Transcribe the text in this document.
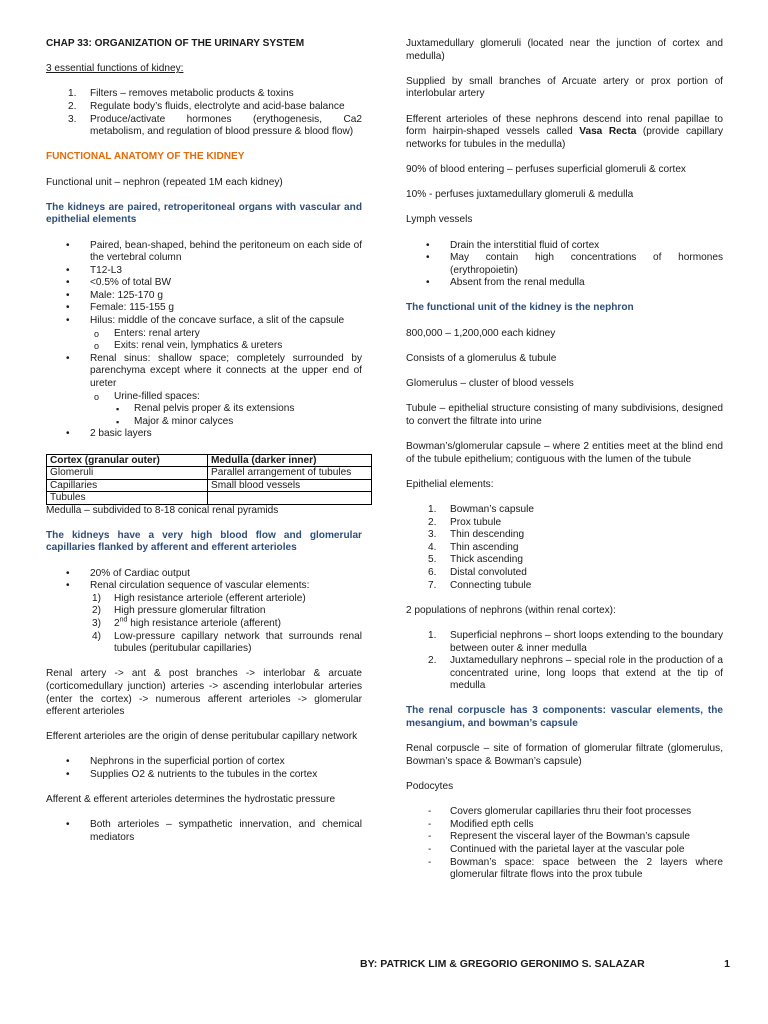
CHAP 33: ORGANIZATION OF THE URINARY SYSTEM

3 essential functions of kidney:

1. Filters – removes metabolic products & toxins
2. Regulate body’s fluids, electrolyte and acid-base balance
3. Produce/activate hormones (erythogenesis, Ca2 metabolism, and regulation of blood pressure & blood flow)
FUNCTIONAL ANATOMY OF THE KIDNEY

Functional unit – nephron (repeated 1M each kidney)

The kidneys are paired, retroperitoneal organs with vascular and epithelial elements
• Paired, bean-shaped, behind the peritoneum on each side of the vertebral column
• T12-L3
• <0.5% of total BW
• Male: 125-170 g
• Female: 115-155 g
• Hilus: middle of the concave surface, a slit of the capsule
o Enters: renal artery
o Exits: renal vein, lymphatics & ureters
• Renal sinus: shallow space; completely surrounded by parenchyma except where it connects at the upper end of ureter
o Urine-filled spaces:
▪ Renal pelvis proper & its extensions
▪ Major & minor calyces
• 2 basic layers
Cortex (granular outer)	Medulla (darker inner)
Glomeruli	Parallel arrangement of tubules
Capillaries	Small blood vessels
Tubules	

Medulla – subdivided to 8-18 conical renal pyramids

The kidneys have a very high blood flow and glomerular capillaries flanked by afferent and efferent arterioles
• 20% of Cardiac output
• Renal circulation sequence of vascular elements:
1) High resistance arteriole (efferent arteriole)
2) High pressure glomerular filtration
3) 2nd high resistance arteriole (afferent)
4) Low-pressure capillary network that surrounds renal tubules (peritubular capillaries)

Renal artery -> ant & post branches -> interlobar & arcuate (corticomedullary junction) arteries -> ascending interlobular arteries (enter the cortex) -> numerous afferent arterioles -> glomerular efferent arterioles

Efferent arterioles are the origin of dense peritubular capillary network

• Nephrons in the superficial portion of cortex
• Supplies O2 & nutrients to the tubules in the cortex

Afferent & efferent arterioles determines the hydrostatic pressure

• Both arterioles – sympathetic innervation, and chemical mediators

Juxtamedullary glomeruli (located near the junction of cortex and medulla)

Supplied by small branches of Arcuate artery or prox portion of interlobular artery

Efferent arterioles of these nephrons descend into renal papillae to form hairpin-shaped vessels called Vasa Recta (provide capillary networks for tubules in the medulla)

90% of blood entering – perfuses superficial glomeruli & cortex

10% - perfuses juxtamedullary glomeruli & medulla

Lymph vessels

• Drain the interstitial fluid of cortex
• May contain high concentrations of hormones (erythropoietin)
• Absent from the renal medulla
The functional unit of the kidney is the nephron

800,000 – 1,200,000 each kidney

Consists of a glomerulus & tubule

Glomerulus – cluster of blood vessels

Tubule – epithelial structure consisting of many subdivisions, designed to convert the filtrate into urine

Bowman’s/glomerular capsule – where 2 entities meet at the blind end of the tubule epithelium; contiguous with the lumen of the tubule

Epithelial elements:

1. Bowman’s capsule
2. Prox tubule
3. Thin descending
4. Thin ascending
5. Thick ascending
6. Distal convoluted
7. Connecting tubule

2 populations of nephrons (within renal cortex):

1. Superficial nephrons – short loops extending to the boundary between outer & inner medulla
2. Juxtamedullary nephrons – special role in the production of a concentrated urine, long loops that extend at the tip of medulla
The renal corpuscle has 3 components: vascular elements, the mesangium, and bowman’s capsule

Renal corpuscle – site of formation of glomerular filtrate (glomerulus, Bowman’s space & Bowman’s capsule)

Podocytes

- Covers glomerular capillaries thru their foot processes
- Modified epth cells
- Represent the visceral layer of the Bowman’s capsule
- Continued with the parietal layer at the vascular pole
- Bowman’s space: space between the 2 layers where glomerular filtrate flows into the prox tubule
BY: PATRICK LIM & GREGORIO GERONIMO S. SALAZAR	1
